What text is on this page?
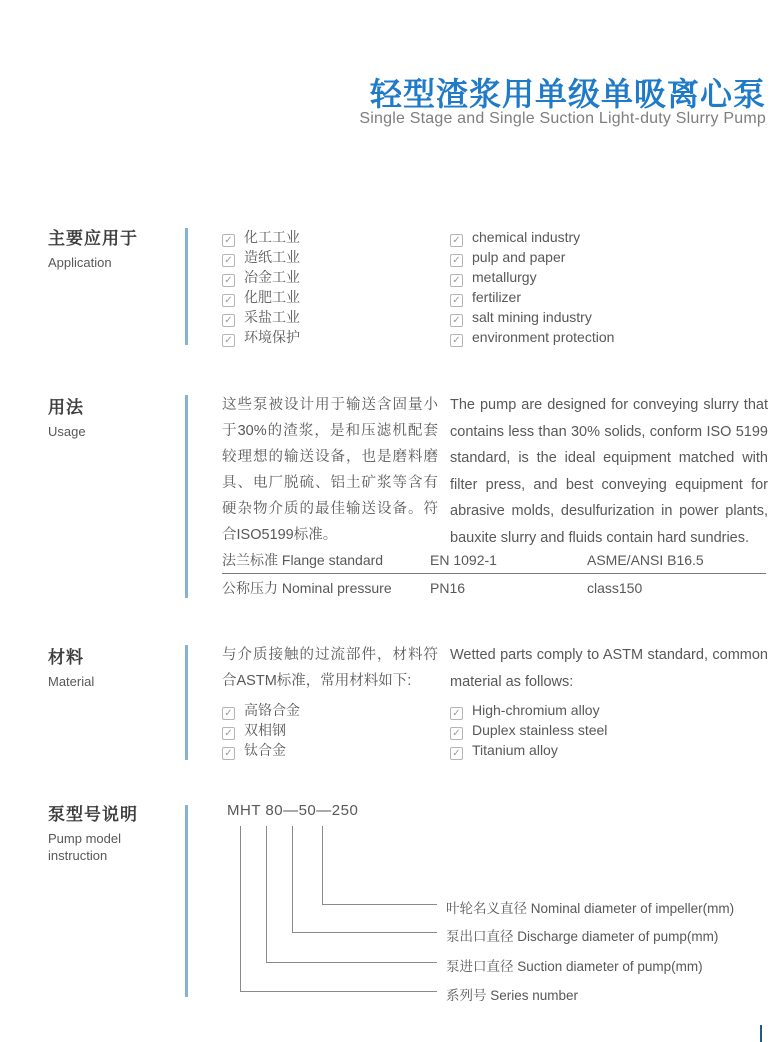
轻型渣浆用单级单吸离心泵
Single Stage and Single Suction Light-duty Slurry Pump
主要应用于
Application
✓ 化工工业
✓ 造纸工业
✓ 冶金工业
✓ 化肥工业
✓ 采盐工业
✓ 环境保护
✓ chemical industry
✓ pulp and paper
✓ metallurgy
✓ fertilizer
✓ salt mining industry
✓ environment protection
用法
Usage

这些泵被设计用于输送含固量小于30%的渣浆，是和压滤机配套较理想的输送设备，也是磨料磨具、电厂脱硫、铝土矿浆等含有硬杂物介质的最佳输送设备。符合ISO5199标准。

The pump are designed for conveying slurry that contains less than 30% solids, conform ISO 5199 standard, is the ideal equipment matched with filter press, and best conveying equipment for abrasive molds, desulfurization in power plants, bauxite slurry and fluids contain hard sundries.

法兰标准 Flange standard	EN 1092-1	ASME/ANSI B16.5
公称压力 Nominal pressure	PN16	class150
材料
Material

与介质接触的过流部件，材料符合ASTM标准，常用材料如下:

Wetted parts comply to ASTM standard, common material as follows:

✓ 高铬合金
✓ 双相钢
✓ 钛合金
✓ High-chromium alloy
✓ Duplex stainless steel
✓ Titanium alloy
泵型号说明
Pump model instruction
MHT 80—50—250
叶轮名义直径 Nominal diameter of impeller(mm)
泵出口直径 Discharge diameter of pump(mm)
泵进口直径 Suction diameter of pump(mm)
系列号 Series number
